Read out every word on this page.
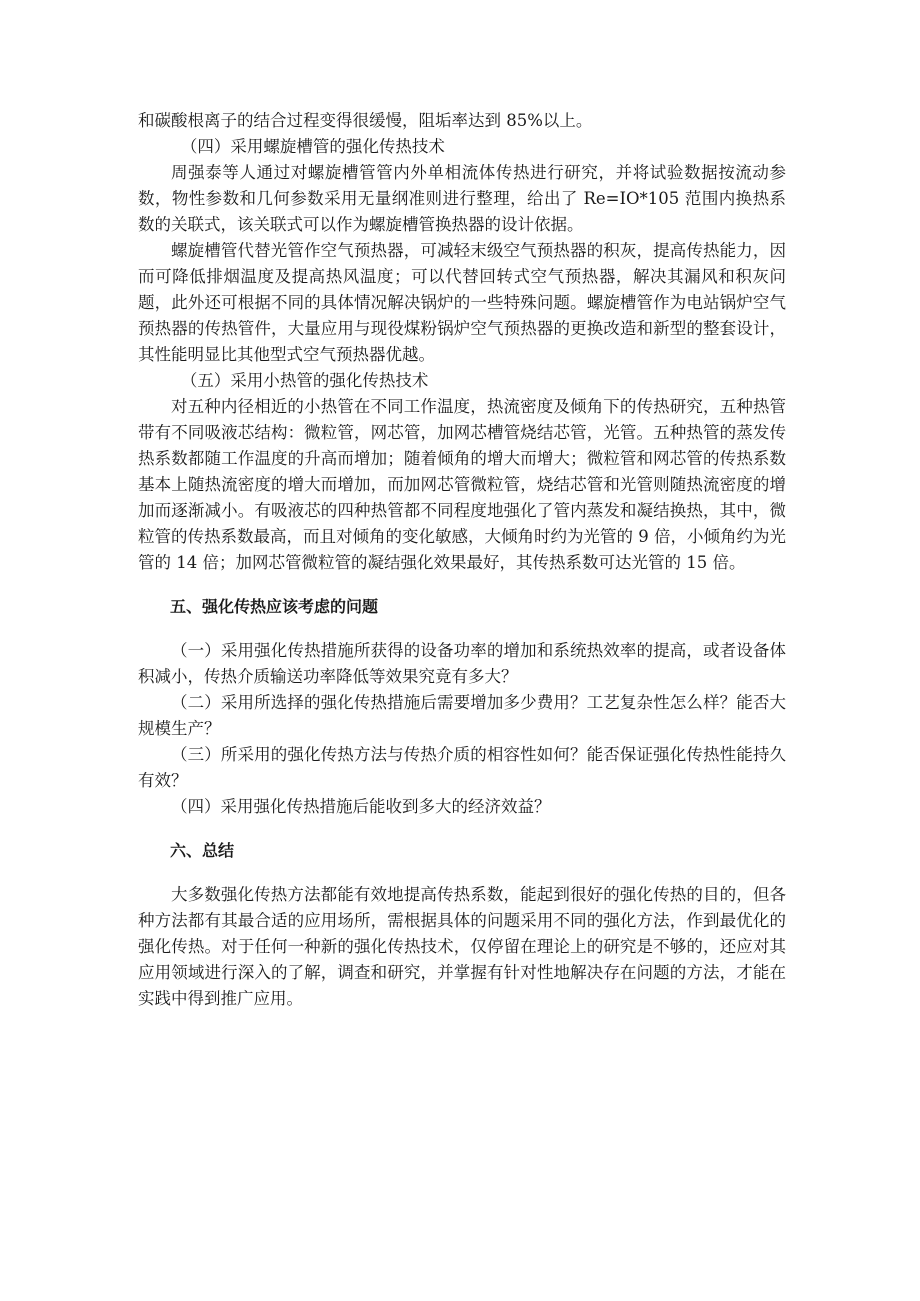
和碳酸根离子的结合过程变得很缓慢，阻垢率达到 85%以上。

（四）采用螺旋槽管的强化传热技术

周强泰等人通过对螺旋槽管管内外单相流体传热进行研究，并将试验数据按流动参数，物性参数和几何参数采用无量纲准则进行整理，给出了 Re=IO*105 范围内换热系数的关联式，该关联式可以作为螺旋槽管换热器的设计依据。

螺旋槽管代替光管作空气预热器，可减轻末级空气预热器的积灰，提高传热能力，因而可降低排烟温度及提高热风温度；可以代替回转式空气预热器，解决其漏风和积灰问题，此外还可根据不同的具体情况解决锅炉的一些特殊问题。螺旋槽管作为电站锅炉空气预热器的传热管件，大量应用与现役煤粉锅炉空气预热器的更换改造和新型的整套设计，其性能明显比其他型式空气预热器优越。

（五）采用小热管的强化传热技术

对五种内径相近的小热管在不同工作温度，热流密度及倾角下的传热研究，五种热管带有不同吸液芯结构：微粒管，网芯管，加网芯槽管烧结芯管，光管。五种热管的蒸发传热系数都随工作温度的升高而增加；随着倾角的增大而增大；微粒管和网芯管的传热系数基本上随热流密度的增大而增加，而加网芯管微粒管，烧结芯管和光管则随热流密度的增加而逐渐减小。有吸液芯的四种热管都不同程度地强化了管内蒸发和凝结换热，其中，微粒管的传热系数最高，而且对倾角的变化敏感，大倾角时约为光管的 9 倍，小倾角约为光管的 14 倍；加网芯管微粒管的凝结强化效果最好，其传热系数可达光管的 15 倍。

五、强化传热应该考虑的问题

（一）采用强化传热措施所获得的设备功率的增加和系统热效率的提高，或者设备体积减小，传热介质输送功率降低等效果究竟有多大？

（二）采用所选择的强化传热措施后需要增加多少费用？工艺复杂性怎么样？能否大规模生产？

（三）所采用的强化传热方法与传热介质的相容性如何？能否保证强化传热性能持久有效？

（四）采用强化传热措施后能收到多大的经济效益？

六、总结

大多数强化传热方法都能有效地提高传热系数，能起到很好的强化传热的目的，但各种方法都有其最合适的应用场所，需根据具体的问题采用不同的强化方法，作到最优化的强化传热。对于任何一种新的强化传热技术，仅停留在理论上的研究是不够的，还应对其应用领域进行深入的了解，调查和研究，并掌握有针对性地解决存在问题的方法，才能在实践中得到推广应用。
